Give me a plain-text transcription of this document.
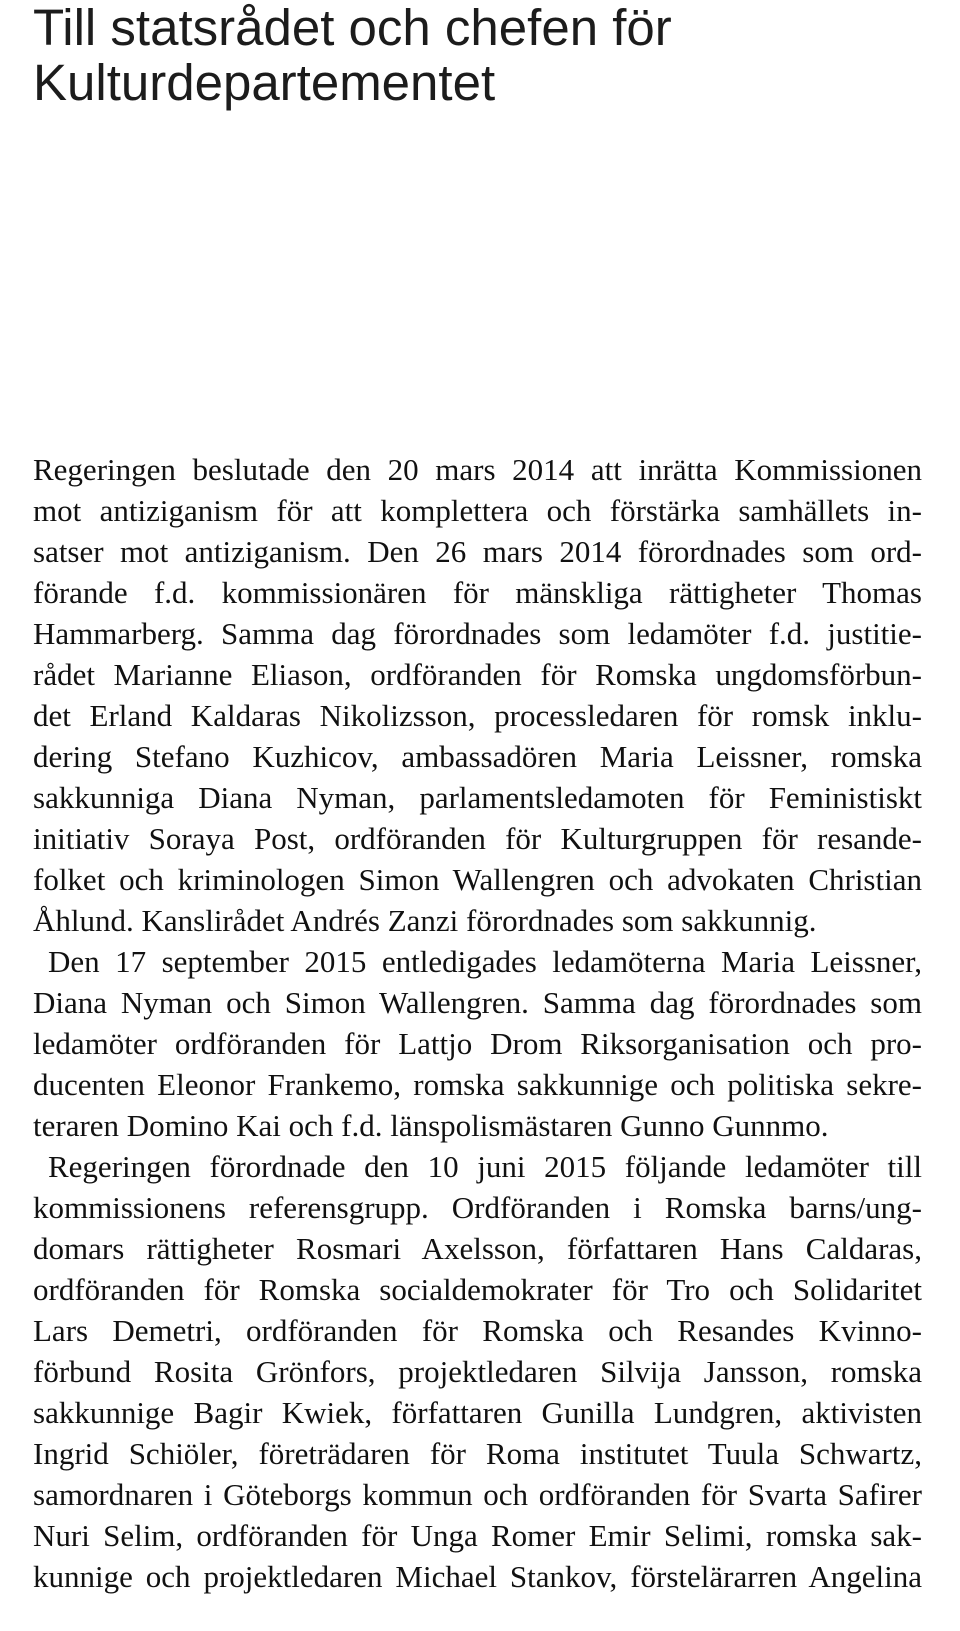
Till statsrådet och chefen för
Kulturdepartementet
Regeringen beslutade den 20 mars 2014 att inrätta Kommissionen
mot antiziganism för att komplettera och förstärka samhällets in-
satser mot antiziganism. Den 26 mars 2014 förordnades som ord-
förande f.d. kommissionären för mänskliga rättigheter Thomas
Hammarberg. Samma dag förordnades som ledamöter f.d. justitie-
rådet Marianne Eliason, ordföranden för Romska ungdomsförbun-
det Erland Kaldaras Nikolizsson, processledaren för romsk inklu-
dering Stefano Kuzhicov, ambassadören Maria Leissner, romska
sakkunniga Diana Nyman, parlamentsledamoten för Feministiskt
initiativ Soraya Post, ordföranden för Kulturgruppen för resande-
folket och kriminologen Simon Wallengren och advokaten Christian
Åhlund. Kanslirådet Andrés Zanzi förordnades som sakkunnig.
Den 17 september 2015 entledigades ledamöterna Maria Leissner,
Diana Nyman och Simon Wallengren. Samma dag förordnades som
ledamöter ordföranden för Lattjo Drom Riksorganisation och pro-
ducenten Eleonor Frankemo, romska sakkunnige och politiska sekre-
teraren Domino Kai och f.d. länspolismästaren Gunno Gunnmo.
Regeringen förordnade den 10 juni 2015 följande ledamöter till
kommissionens referensgrupp. Ordföranden i Romska barns/ung-
domars rättigheter Rosmari Axelsson, författaren Hans Caldaras,
ordföranden för Romska socialdemokrater för Tro och Solidaritet
Lars Demetri, ordföranden för Romska och Resandes Kvinno-
förbund Rosita Grönfors, projektledaren Silvija Jansson, romska
sakkunnige Bagir Kwiek, författaren Gunilla Lundgren, aktivisten
Ingrid Schiöler, företrädaren för Roma institutet Tuula Schwartz,
samordnaren i Göteborgs kommun och ordföranden för Svarta Safirer
Nuri Selim, ordföranden för Unga Romer Emir Selimi, romska sak-
kunnige och projektledaren Michael Stankov, förstelärarren Angelina
